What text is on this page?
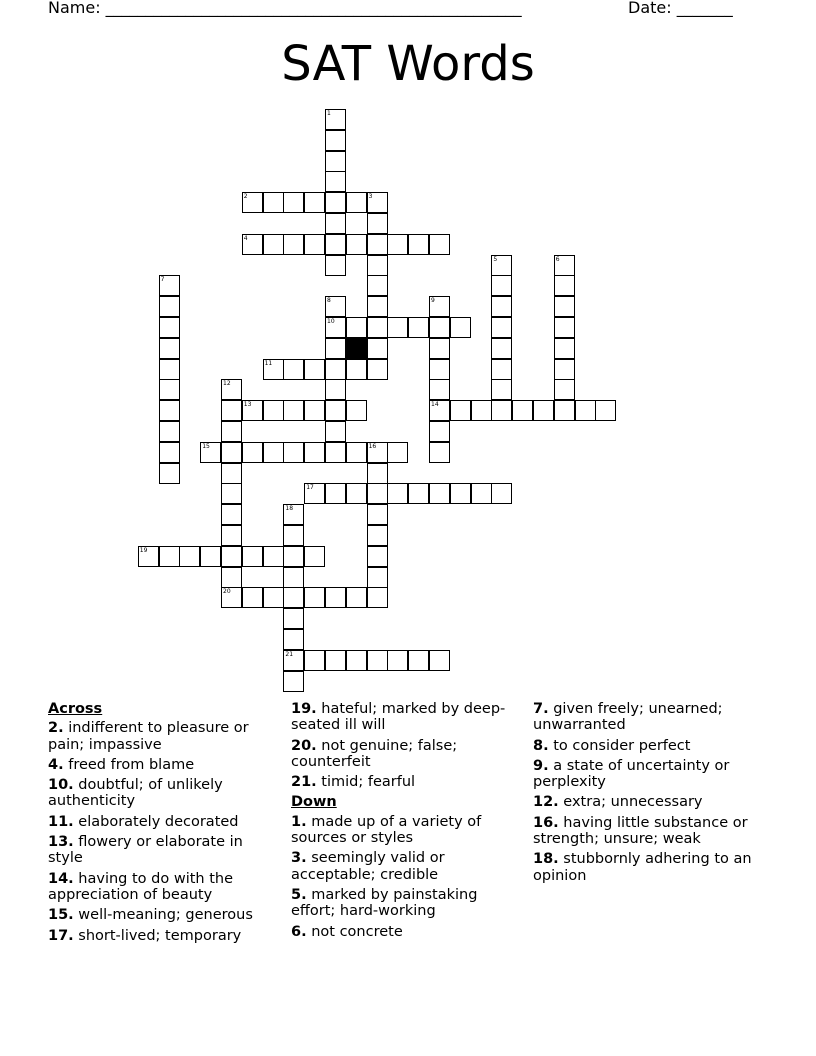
Name: ____________________________________________________	Date: _______
SAT Words
1
2	3
4
5	6
7
8	9
10
11
12
13	14
15	16
17
18
19
20
21
Across
2. indifferent to pleasure or pain; impassive
4. freed from blame
10. doubtful; of unlikely authenticity
11. elaborately decorated
13. flowery or elaborate in style
14. having to do with the appreciation of beauty
15. well-meaning; generous
17. short-lived; temporary
19. hateful; marked by deep-seated ill will
20. not genuine; false; counterfeit
21. timid; fearful
Down
1. made up of a variety of sources or styles
3. seemingly valid or acceptable; credible
5. marked by painstaking effort; hard-working
6. not concrete
7. given freely; unearned; unwarranted
8. to consider perfect
9. a state of uncertainty or perplexity
12. extra; unnecessary
16. having little substance or strength; unsure; weak
18. stubbornly adhering to an opinion
